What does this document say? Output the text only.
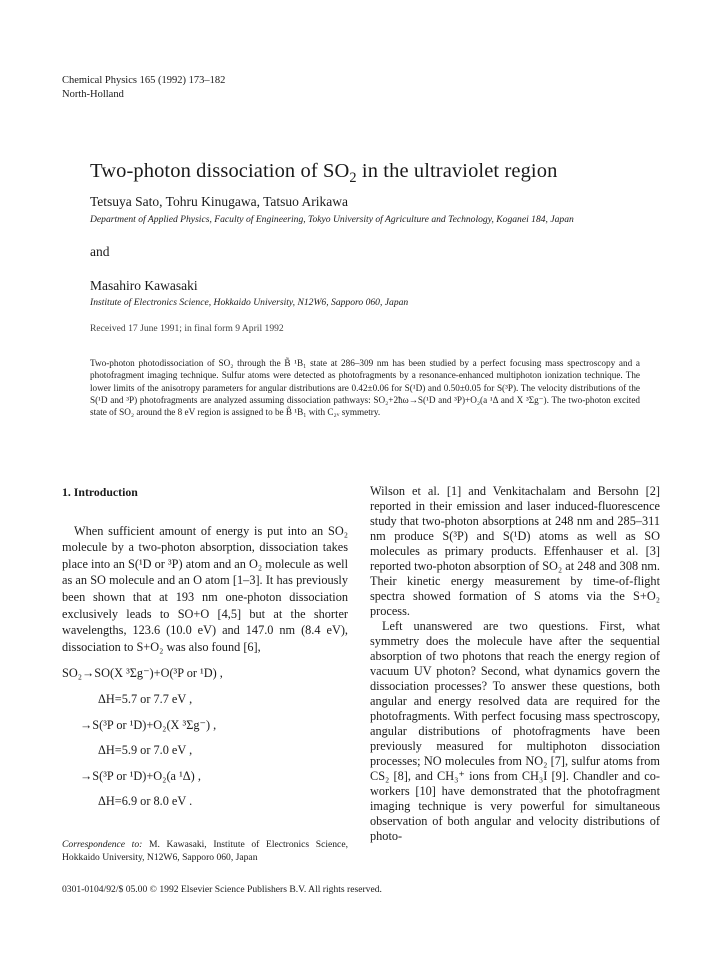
Chemical Physics 165 (1992) 173–182
North-Holland
Two-photon dissociation of $SO_2$ in the ultraviolet region
Tetsuya Sato, Tohru Kinugawa, Tatsuo Arikawa
Department of Applied Physics, Faculty of Engineering, Tokyo University of Agriculture and Technology, Koganei 184, Japan
and
Masahiro Kawasaki
Institute of Electronics Science, Hokkaido University, N12W6, Sapporo 060, Japan
Received 17 June 1991; in final form 9 April 1992

Two-photon photodissociation of SO₂ through the B̃ ¹B₁ state at 286–309 nm has been studied by a perfect focusing mass spectroscopy and a photofragment imaging technique. Sulfur atoms were detected as photofragments by a resonance-enhanced multiphoton ionization technique. The lower limits of the anisotropy parameters for angular distributions are 0.42±0.06 for S(¹D) and 0.50±0.05 for S(³P). The velocity distributions of the S(¹D and ³P) photofragments are analyzed assuming dissociation pathways: SO₂+2ħω→S(¹D and ³P)+O₂(a ¹Δ and X ³Σg⁻). The two-photon excited state of SO₂ around the 8 eV region is assigned to be B̃ ¹B₁ with C₂ᵥ symmetry.

1. Introduction

When sufficient amount of energy is put into an SO₂ molecule by a two-photon absorption, dissociation takes place into an S(¹D or ³P) atom and an O₂ molecule as well as an SO molecule and an O atom [1–3]. It has previously been shown that at 193 nm one-photon dissociation exclusively leads to SO+O [4,5] but at the shorter wavelengths, 123.6 (10.0 eV) and 147.0 nm (8.4 eV), dissociation to S+O₂ was also found [6],

SO₂→SO(X ³Σg⁻)+O(³P or ¹D) ,
ΔH=5.7 or 7.7 eV ,
→S(³P or ¹D)+O₂(X ³Σg⁻) ,
ΔH=5.9 or 7.0 eV ,
→S(³P or ¹D)+O₂(a ¹Δ) ,
ΔH=6.9 or 8.0 eV .

Wilson et al. [1] and Venkitachalam and Bersohn [2] reported in their emission and laser induced-fluorescence study that two-photon absorptions at 248 nm and 285–311 nm produce S(³P) and S(¹D) atoms as well as SO molecules as primary products. Effenhauser et al. [3] reported two-photon absorption of SO₂ at 248 and 308 nm. Their kinetic energy measurement by time-of-flight spectra showed formation of S atoms via the S+O₂ process.

Left unanswered are two questions. First, what symmetry does the molecule have after the sequential absorption of two photons that reach the energy region of vacuum UV photon? Second, what dynamics govern the dissociation processes? To answer these questions, both angular and energy resolved data are required for the photofragments. With perfect focusing mass spectroscopy, angular distributions of photofragments have been previously measured for multiphoton dissociation processes; NO molecules from NO₂ [7], sulfur atoms from CS₂ [8], and CH₃⁺ ions from CH₃I [9]. Chandler and co-workers [10] have demonstrated that the photofragment imaging technique is very powerful for simultaneous observation of both angular and velocity distributions of photo-

Correspondence to: M. Kawasaki, Institute of Electronics Science, Hokkaido University, N12W6, Sapporo 060, Japan
0301-0104/92/$ 05.00 © 1992 Elsevier Science Publishers B.V. All rights reserved.
